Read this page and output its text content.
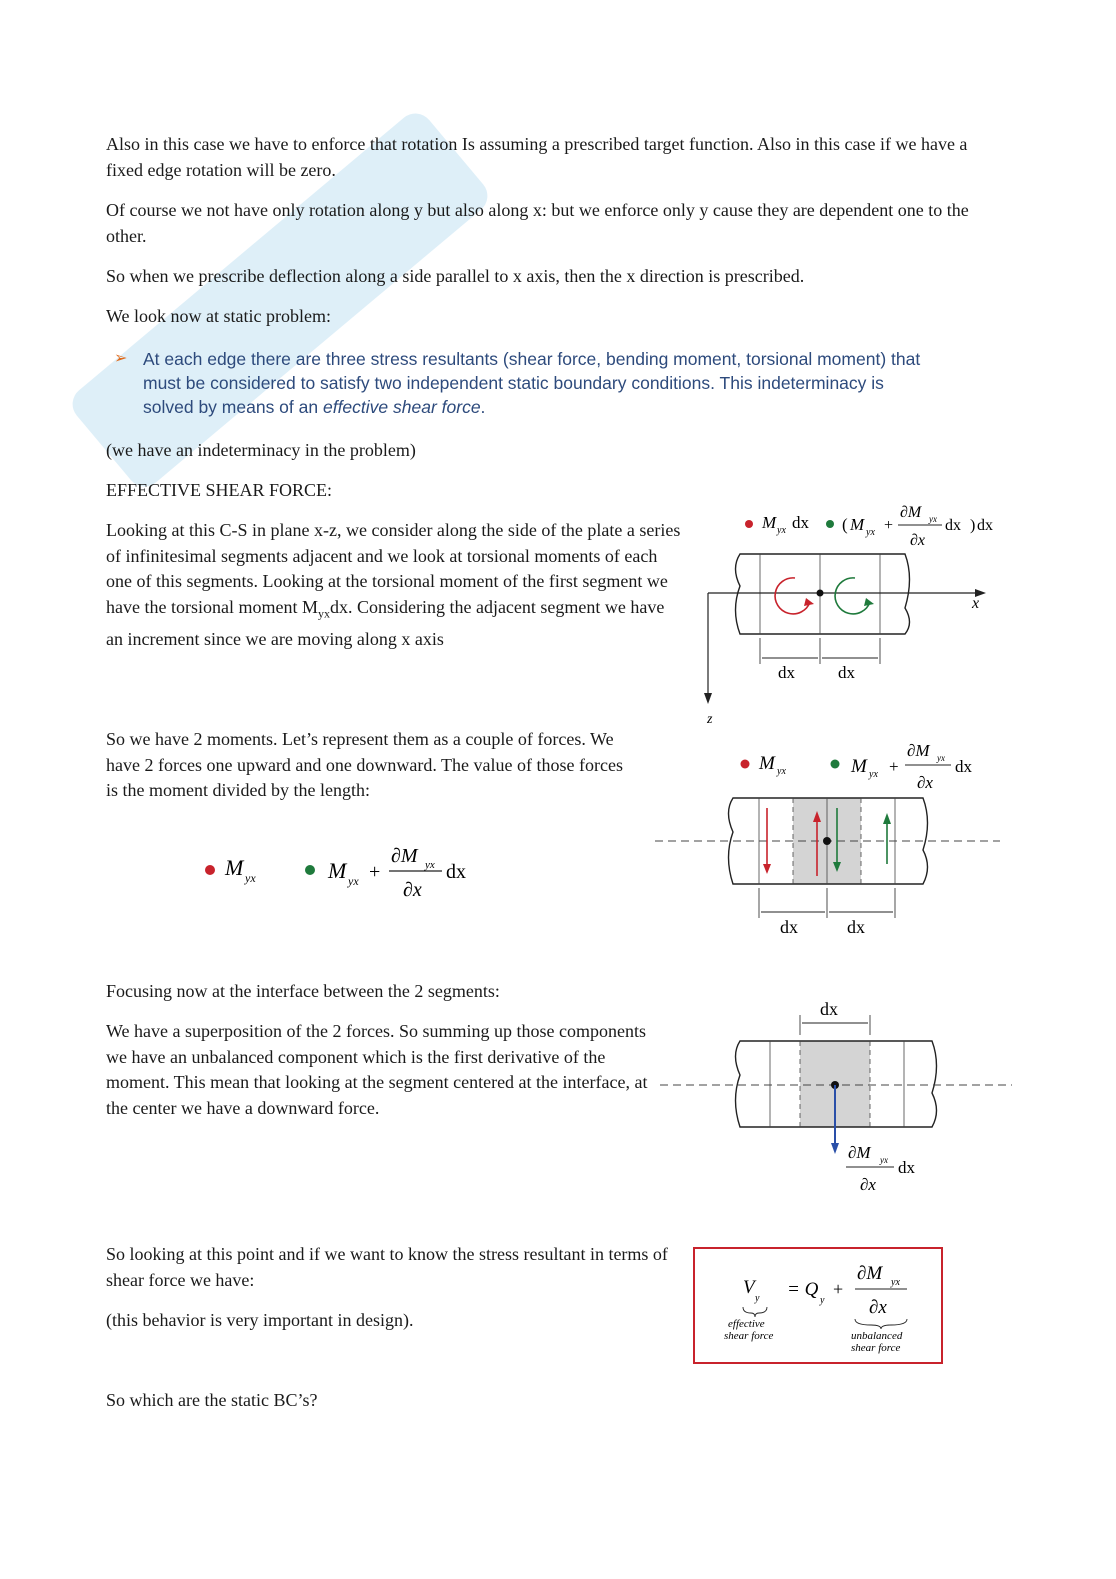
Also in this case we have to enforce that rotation Is assuming a prescribed target function. Also in this case if we have a fixed edge rotation will be zero.

Of course we not have only rotation along y but also along x: but we enforce only y cause they are dependent one to the other.

So when we prescribe deflection along a side parallel to x axis, then the x direction is prescribed.

We look now at static problem:

➢ At each edge there are three stress resultants (shear force, bending moment, torsional moment) that must be considered to satisfy two independent static boundary conditions. This indeterminacy is solved by means of an effective shear force.

(we have an indeterminacy in the problem)

EFFECTIVE SHEAR FORCE:

Looking at this C-S in plane x-z, we consider along the side of the plate a series of infinitesimal segments adjacent and we look at torsional moments of each one of this segments. Looking at the torsional moment of the first segment we have the torsional moment $M_{yx}dx$. Considering the adjacent segment we have an increment since we are moving along x axis

So we have 2 moments. Let’s represent them as a couple of forces. We have 2 forces one upward and one downward. The value of those forces is the moment divided by the length:

Focusing now at the interface between the 2 segments:

We have a superposition of the 2 forces. So summing up those components we have an unbalanced component which is the first derivative of the moment. This mean that looking at the segment centered at the interface, at the center we have a downward force.

So looking at this point and if we want to know the stress resultant in terms of shear force we have:

(this behavior is very important in design).

So which are the static BC’s?

M yx	M yx +
∂M yx
∂x
dx
M yx dx ( M yx +
∂M yx
∂x
dx ) dx
x
z
dx	dx
M yx	M yx +
∂M yx
∂x
dx
dx	dx
dx
∂M yx
∂x
dx
V
y
effective
shear force
= Q
y
+
∂M yx
∂x
unbalanced
shear force
